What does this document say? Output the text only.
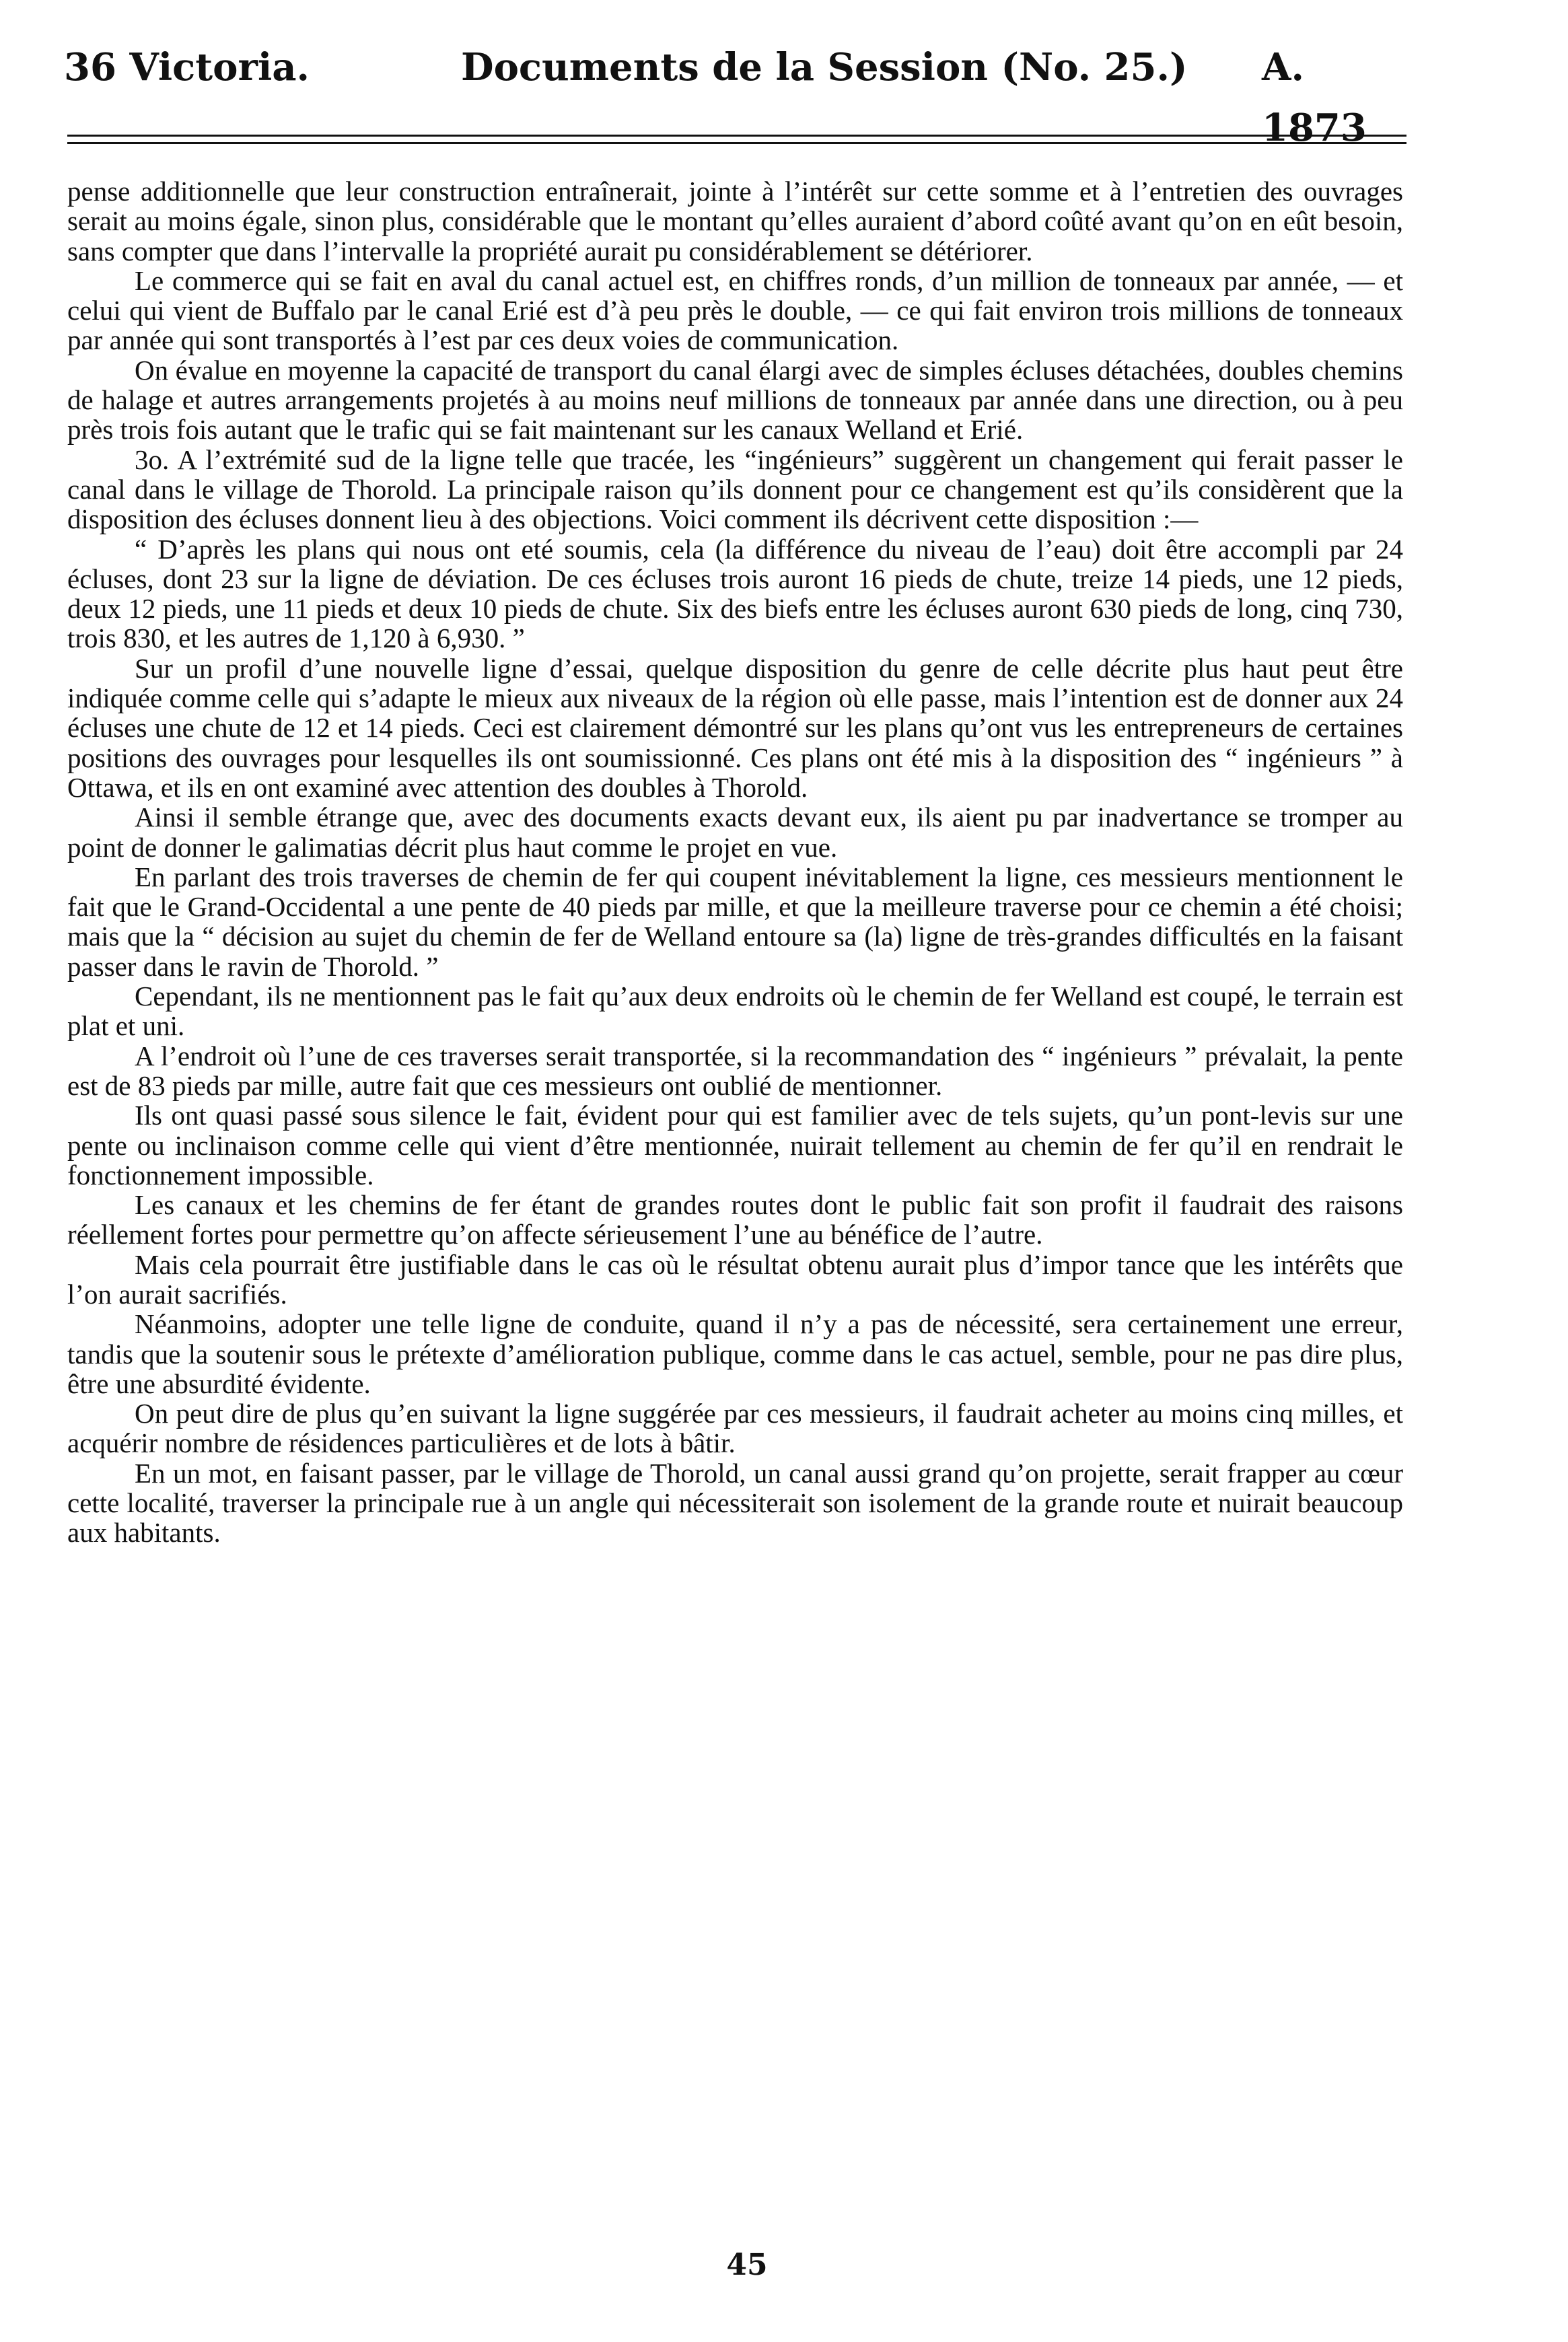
36 Victoria.	Documents de la Session (No. 25.) A. 1873

pense additionnelle que leur construction entraînerait, jointe à l’intérêt sur cette somme et à l’entretien des ouvrages serait au moins égale, sinon plus, considérable que le montant qu’elles auraient d’abord coûté avant qu’on en eût besoin, sans compter que dans l’intervalle la propriété aurait pu considérablement se détériorer.

Le commerce qui se fait en aval du canal actuel est, en chiffres ronds, d’un million de tonneaux par année, — et celui qui vient de Buffalo par le canal Erié est d’à peu près le double, — ce qui fait environ trois millions de tonneaux par année qui sont transportés à l’est par ces deux voies de communication.

On évalue en moyenne la capacité de transport du canal élargi avec de simples écluses détachées, doubles chemins de halage et autres arrangements projetés à au moins neuf millions de tonneaux par année dans une direction, ou à peu près trois fois autant que le trafic qui se fait maintenant sur les canaux Welland et Erié.

3o. A l’extrémité sud de la ligne telle que tracée, les “ingénieurs” suggèrent un changement qui ferait passer le canal dans le village de Thorold. La principale raison qu’ils donnent pour ce changement est qu’ils considèrent que la disposition des écluses donnent lieu à des objections. Voici comment ils décrivent cette disposition :—

“ D’après les plans qui nous ont eté soumis, cela (la différence du niveau de l’eau) doit être accompli par 24 écluses, dont 23 sur la ligne de déviation. De ces écluses trois auront 16 pieds de chute, treize 14 pieds, une 12 pieds, deux 12 pieds, une 11 pieds et deux 10 pieds de chute. Six des biefs entre les écluses auront 630 pieds de long, cinq 730, trois 830, et les autres de 1,120 à 6,930. ”

Sur un profil d’une nouvelle ligne d’essai, quelque disposition du genre de celle décrite plus haut peut être indiquée comme celle qui s’adapte le mieux aux niveaux de la région où elle passe, mais l’intention est de donner aux 24 écluses une chute de 12 et 14 pieds. Ceci est clairement démontré sur les plans qu’ont vus les entrepreneurs de certaines positions des ouvrages pour lesquelles ils ont soumissionné. Ces plans ont été mis à la disposition des “ ingénieurs ” à Ottawa, et ils en ont examiné avec attention des doubles à Thorold.

Ainsi il semble étrange que, avec des documents exacts devant eux, ils aient pu par inadvertance se tromper au point de donner le galimatias décrit plus haut comme le projet en vue.

En parlant des trois traverses de chemin de fer qui coupent inévitablement la ligne, ces messieurs mentionnent le fait que le Grand-Occidental a une pente de 40 pieds par mille, et que la meilleure traverse pour ce chemin a été choisi; mais que la “ décision au sujet du chemin de fer de Welland entoure sa (la) ligne de très-grandes difficultés en la faisant passer dans le ravin de Thorold. ”

Cependant, ils ne mentionnent pas le fait qu’aux deux endroits où le chemin de fer Welland est coupé, le terrain est plat et uni.

A l’endroit où l’une de ces traverses serait transportée, si la recommandation des “ ingénieurs ” prévalait, la pente est de 83 pieds par mille, autre fait que ces messieurs ont oublié de mentionner.

Ils ont quasi passé sous silence le fait, évident pour qui est familier avec de tels sujets, qu’un pont-levis sur une pente ou inclinaison comme celle qui vient d’être mentionnée, nuirait tellement au chemin de fer qu’il en rendrait le fonctionnement impossible.

Les canaux et les chemins de fer étant de grandes routes dont le public fait son profit il faudrait des raisons réellement fortes pour permettre qu’on affecte sérieusement l’une au bénéfice de l’autre.

Mais cela pourrait être justifiable dans le cas où le résultat obtenu aurait plus d’impor tance que les intérêts que l’on aurait sacrifiés.

Néanmoins, adopter une telle ligne de conduite, quand il n’y a pas de nécessité, sera certainement une erreur, tandis que la soutenir sous le prétexte d’amélioration publique, comme dans le cas actuel, semble, pour ne pas dire plus, être une absurdité évidente.

On peut dire de plus qu’en suivant la ligne suggérée par ces messieurs, il faudrait acheter au moins cinq milles, et acquérir nombre de résidences particulières et de lots à bâtir.

En un mot, en faisant passer, par le village de Thorold, un canal aussi grand qu’on projette, serait frapper au cœur cette localité, traverser la principale rue à un angle qui nécessiterait son isolement de la grande route et nuirait beaucoup aux habitants.

45
